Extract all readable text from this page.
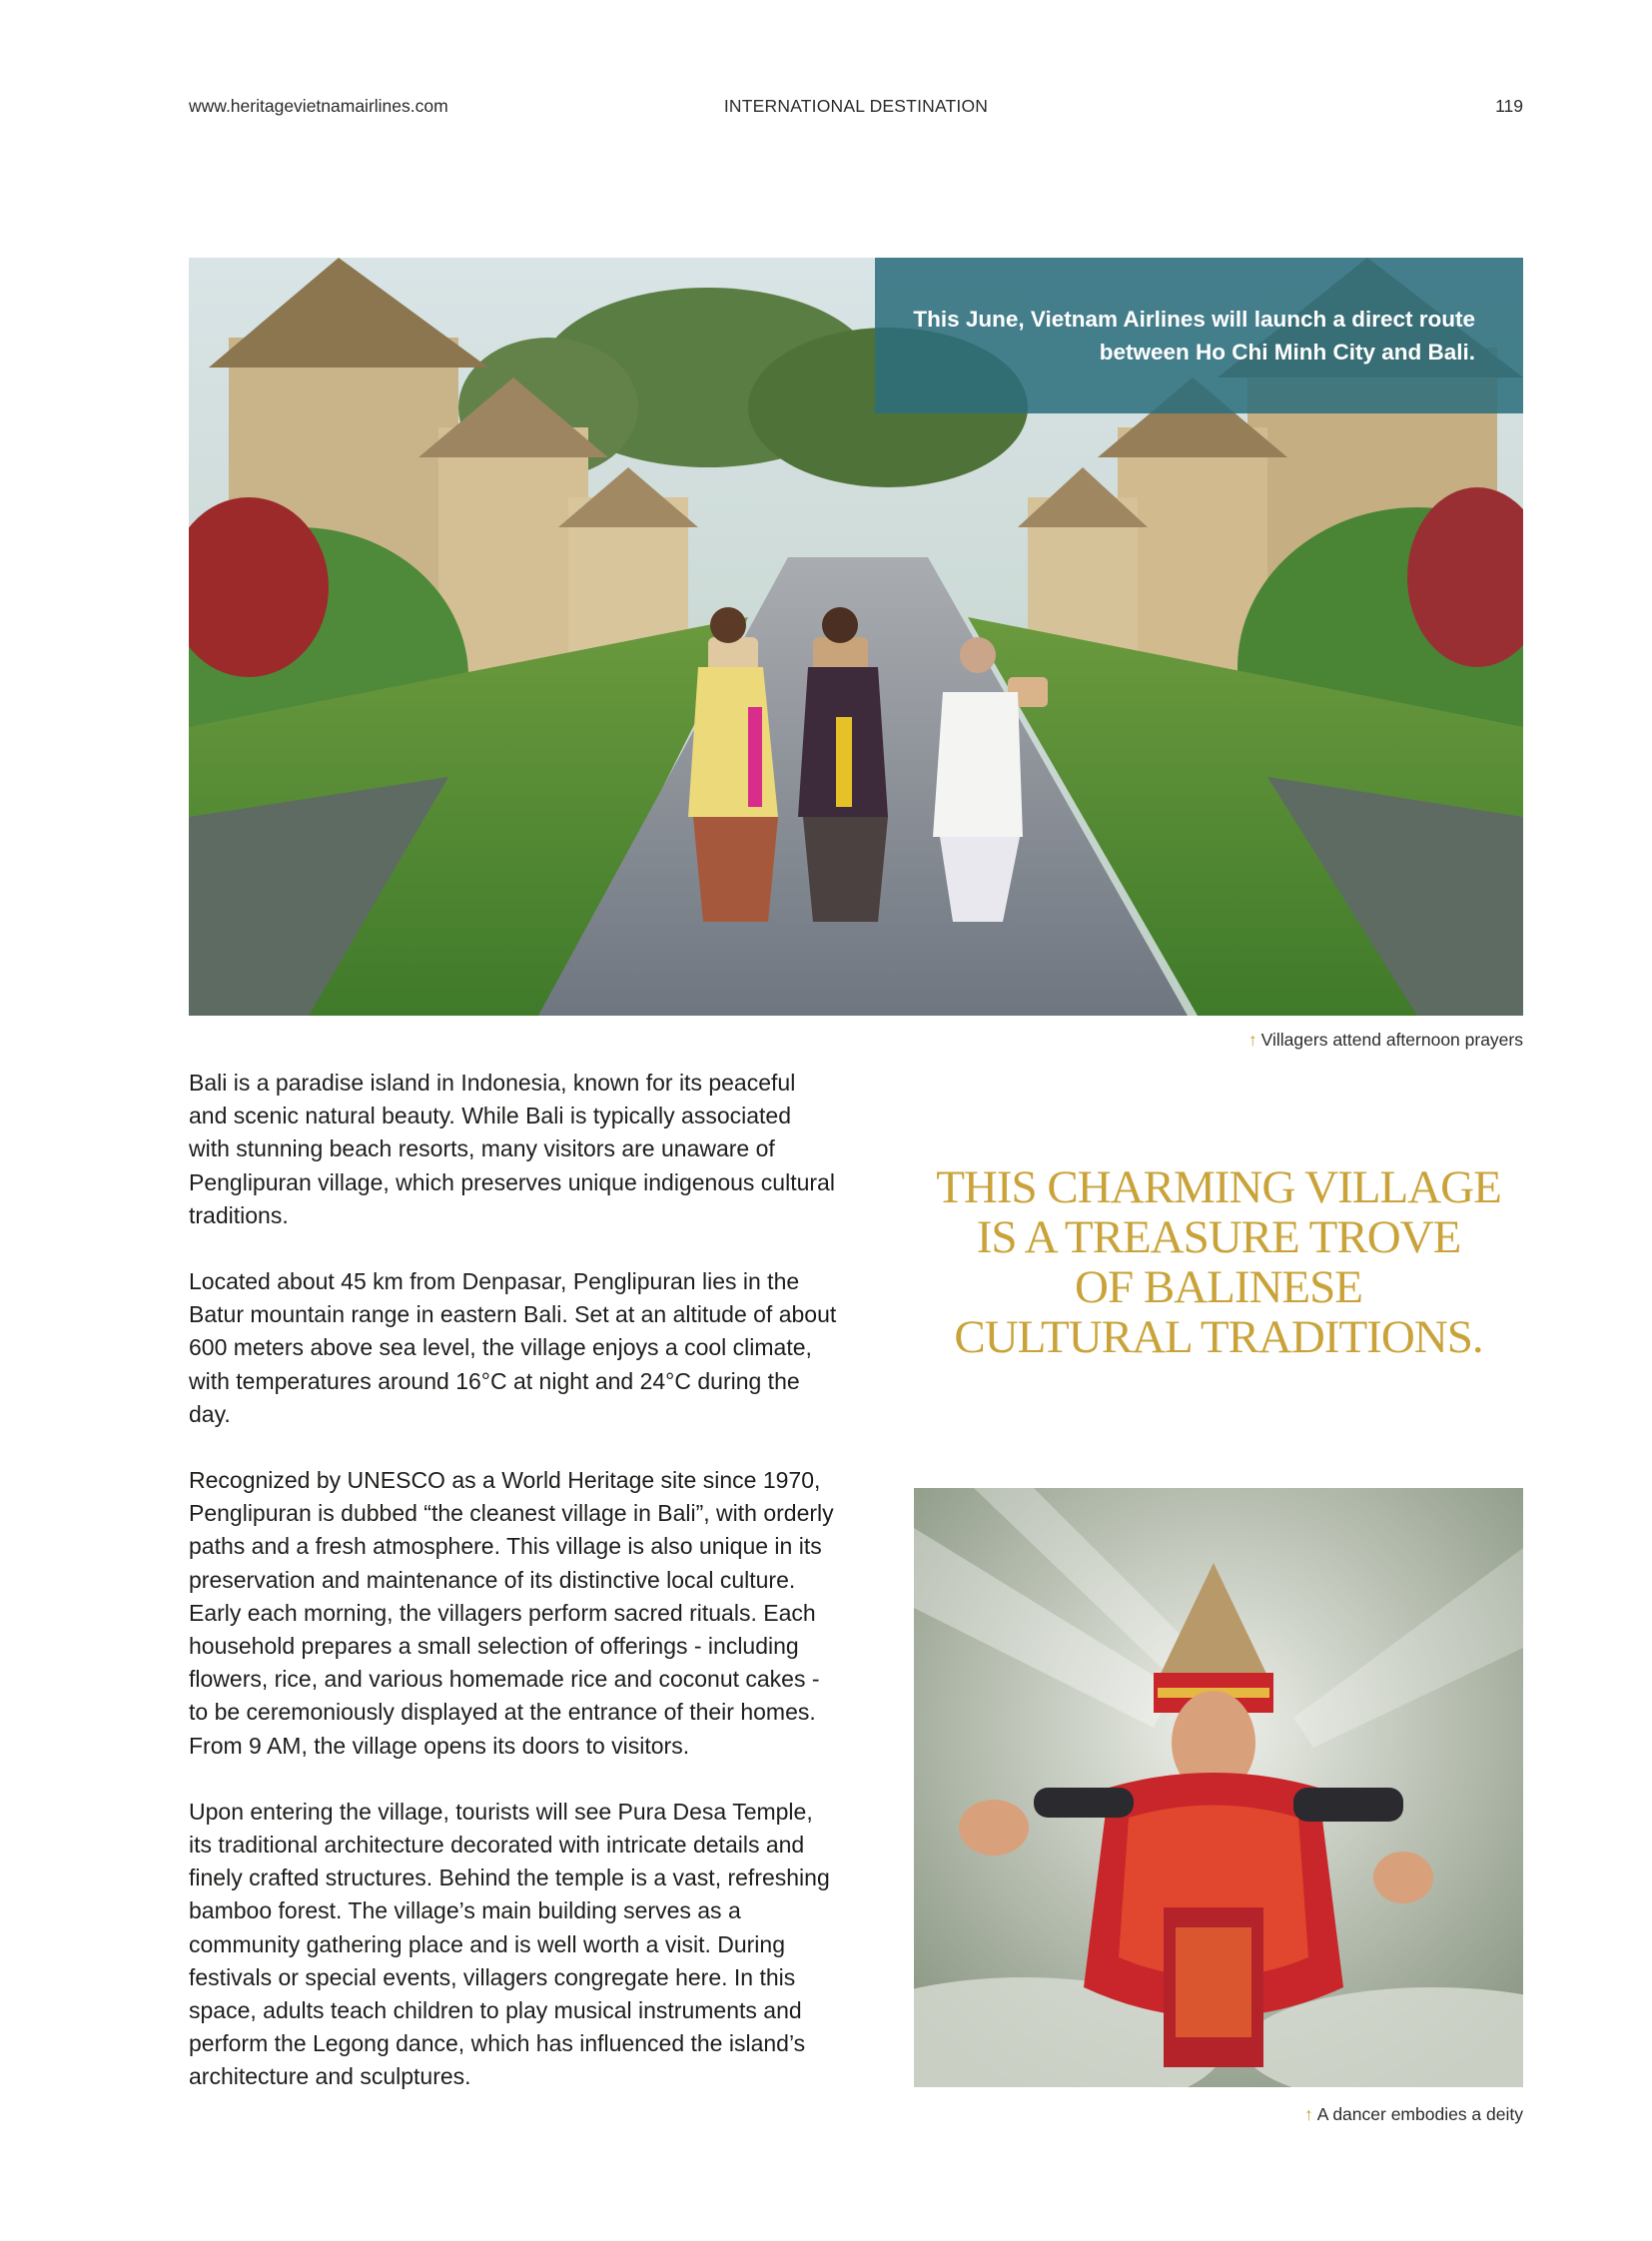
www.heritagevietnamairlines.com	INTERNATIONAL DESTINATION	119
This June, Vietnam Airlines will launch a direct route
between Ho Chi Minh City and Bali.
↑ Villagers attend afternoon prayers

Bali is a paradise island in Indonesia, known for its peaceful and scenic natural beauty. While Bali is typically associated with stunning beach resorts, many visitors are unaware of Penglipuran village, which preserves unique indigenous cultural traditions.

Located about 45 km from Denpasar, Penglipuran lies in the Batur mountain range in eastern Bali. Set at an altitude of about 600 meters above sea level, the village enjoys a cool climate, with temperatures around 16°C at night and 24°C during the day.

Recognized by UNESCO as a World Heritage site since 1970, Penglipuran is dubbed “the cleanest village in Bali”, with orderly paths and a fresh atmosphere. This village is also unique in its preservation and maintenance of its distinctive local culture. Early each morning, the villagers perform sacred rituals. Each household prepares a small selection of offerings - including flowers, rice, and various homemade rice and coconut cakes - to be ceremoniously displayed at the entrance of their homes. From 9 AM, the village opens its doors to visitors.

Upon entering the village, tourists will see Pura Desa Temple, its traditional architecture decorated with intricate details and finely crafted structures. Behind the temple is a vast, refreshing bamboo forest. The village’s main building serves as a community gathering place and is well worth a visit. During festivals or special events, villagers congregate here. In this space, adults teach children to play musical instruments and perform the Legong dance, which has influenced the island’s architecture and sculptures.

THIS CHARMING VILLAGE
IS A TREASURE TROVE
OF BALINESE
CULTURAL TRADITIONS.
↑ A dancer embodies a deity
